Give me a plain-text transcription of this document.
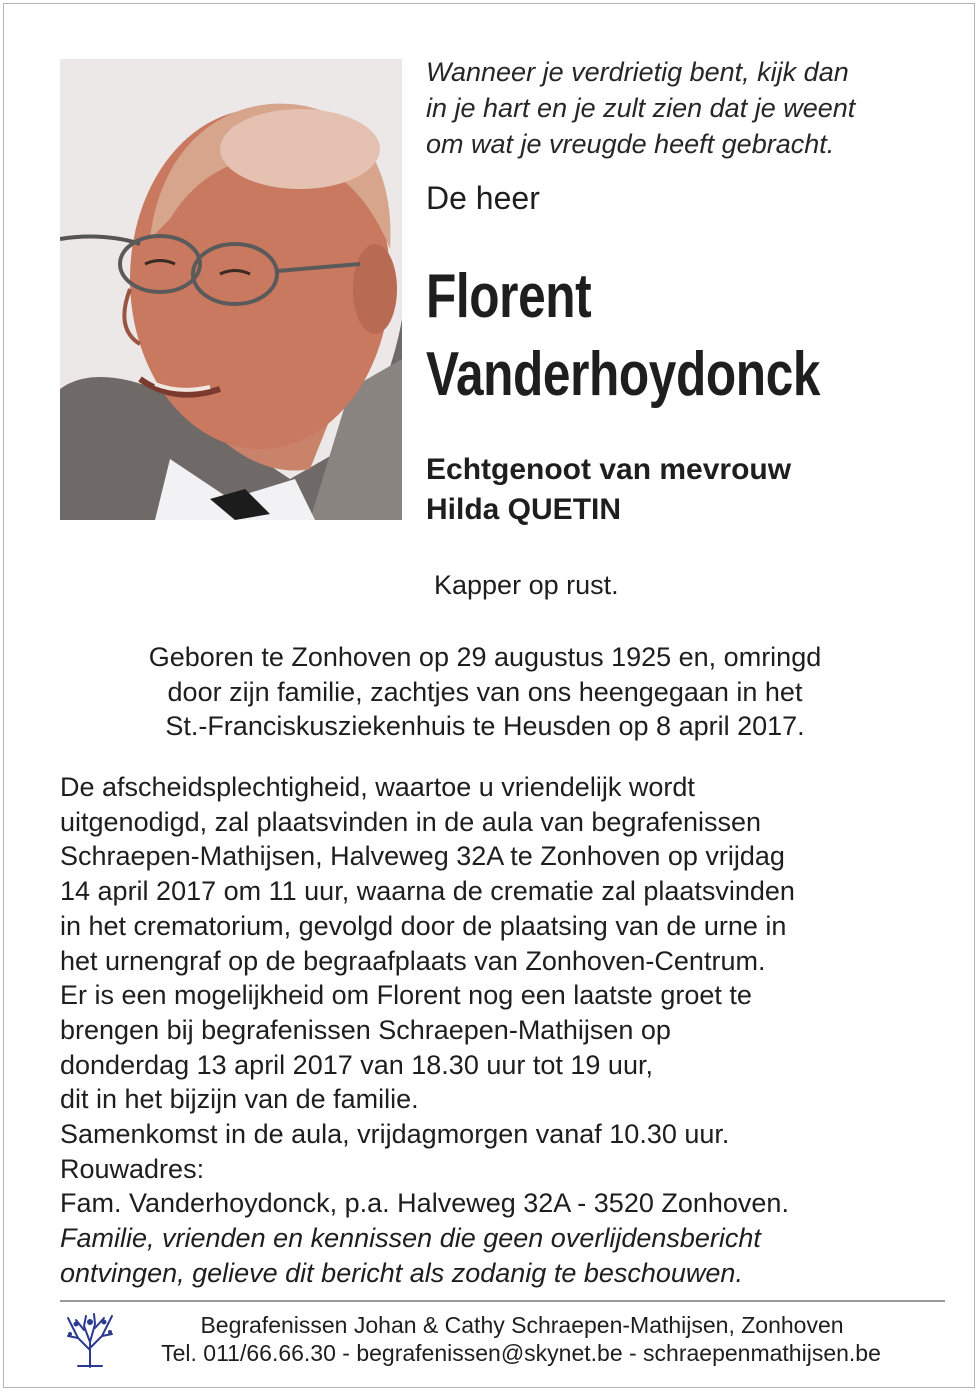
Wanneer je verdrietig bent, kijk dan
in je hart en je zult zien dat je weent
om wat je vreugde heeft gebracht.
De heer
Florent
Vanderhoydonck
Echtgenoot van mevrouw
Hilda QUETIN
Kapper op rust.
Geboren te Zonhoven op 29 augustus 1925 en, omringd
door zijn familie, zachtjes van ons heengegaan in het
St.-Franciskusziekenhuis te Heusden op 8 april 2017.
De afscheidsplechtigheid, waartoe u vriendelijk wordt
uitgenodigd, zal plaatsvinden in de aula van begrafenissen
Schraepen-Mathijsen, Halveweg 32A te Zonhoven op vrijdag
14 april 2017 om 11 uur, waarna de crematie zal plaatsvinden
in het crematorium, gevolgd door de plaatsing van de urne in
het urnengraf op de begraafplaats van Zonhoven-Centrum.
Er is een mogelijkheid om Florent nog een laatste groet te
brengen bij begrafenissen Schraepen-Mathijsen op
donderdag 13 april 2017 van 18.30 uur tot 19 uur,
dit in het bijzijn van de familie.
Samenkomst in de aula, vrijdagmorgen vanaf 10.30 uur.
Rouwadres:
Fam. Vanderhoydonck, p.a. Halveweg 32A - 3520 Zonhoven.
Familie, vrienden en kennissen die geen overlijdensbericht
ontvingen, gelieve dit bericht als zodanig te beschouwen.
Begrafenissen Johan & Cathy Schraepen-Mathijsen, Zonhoven
Tel. 011/66.66.30 - begrafenissen@skynet.be - schraepenmathijsen.be
